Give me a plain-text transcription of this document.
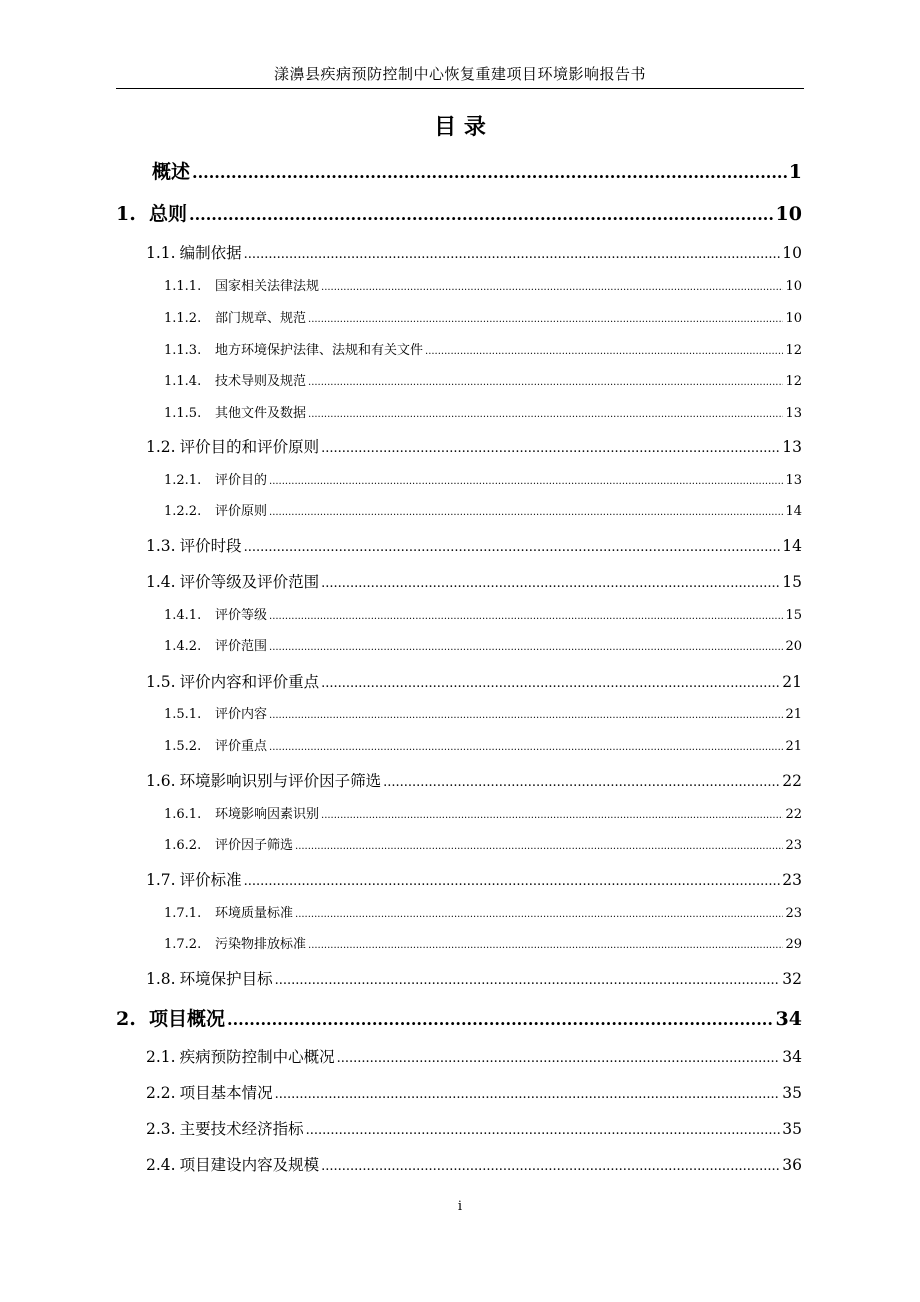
漾濞县疾病预防控制中心恢复重建项目环境影响报告书
目 录
概述 .....	1
1. 总则 .....	10
1.1. 编制依据 .....	10
1.1.1.	国家相关法律法规 .....	10
1.1.2.	部门规章、规范 .....	10
1.1.3.	地方环境保护法律、法规和有关文件 .....	12
1.1.4.	技术导则及规范 .....	12
1.1.5.	其他文件及数据 .....	13
1.2. 评价目的和评价原则 .....	13
1.2.1.	评价目的 .....	13
1.2.2.	评价原则 .....	14
1.3. 评价时段 .....	14
1.4. 评价等级及评价范围 .....	15
1.4.1.	评价等级 .....	15
1.4.2.	评价范围 .....	20
1.5. 评价内容和评价重点 .....	21
1.5.1.	评价内容 .....	21
1.5.2.	评价重点 .....	21
1.6. 环境影响识别与评价因子筛选 .....	22
1.6.1.	环境影响因素识别 .....	22
1.6.2.	评价因子筛选 .....	23
1.7. 评价标准 .....	23
1.7.1.	环境质量标准 .....	23
1.7.2.	污染物排放标准 .....	29
1.8. 环境保护目标 .....	32
2. 项目概况 .....	34
2.1. 疾病预防控制中心概况 .....	34
2.2. 项目基本情况 .....	35
2.3. 主要技术经济指标 .....	35
2.4. 项目建设内容及规模 .....	36
i
